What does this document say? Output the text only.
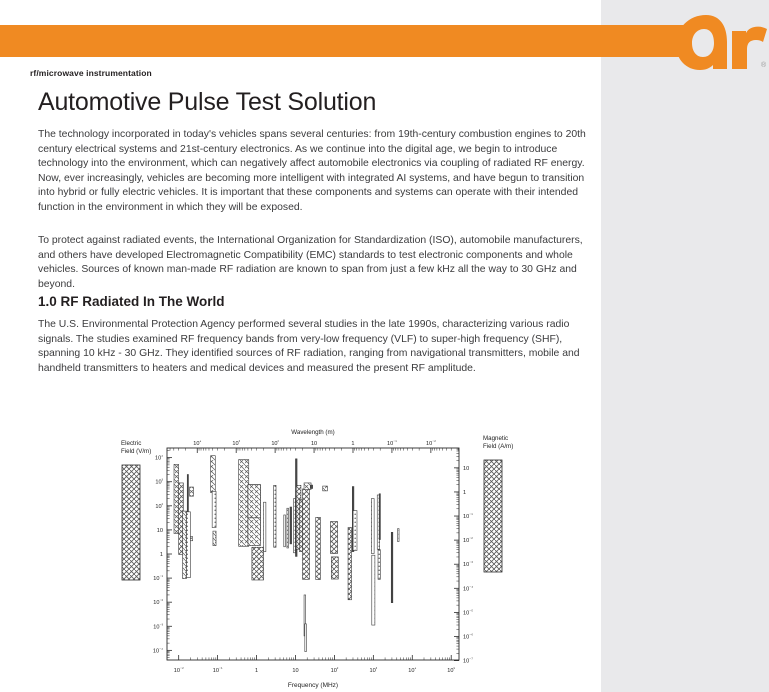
®
rf/microwave instrumentation
Automotive Pulse Test Solution
The technology incorporated in today's vehicles spans several centuries: from 19th-century combustion engines to 20th century electrical systems and 21st-century electronics. As we continue into the digital age, we begin to introduce technology into the environment, which can negatively affect automobile electronics via coupling of radiated RF energy. Now, ever increasingly, vehicles are becoming more intelligent with integrated AI systems, and have begun to transition into hybrid or fully electric vehicles. It is important that these components and systems can operate with their intended function in the environment in which they will be exposed.
To protect against radiated events, the International Organization for Standardization (ISO), automobile manufacturers, and others have developed Electromagnetic Compatibility (EMC) standards to test electronic components and whole vehicles. Sources of known man-made RF radiation are known to span from just a few kHz all the way to 30 GHz and beyond.
1.0 RF Radiated In The World
The U.S. Environmental Protection Agency performed several studies in the late 1990s, characterizing various radio signals. The studies examined RF frequency bands from very-low frequency (VLF) to super-high frequency (SHF), spanning 10 kHz - 30 GHz. They identified sources of RF radiation, ranging from navigational transmitters, mobile and handheld transmitters to heaters and medical devices and measured the present RF amplitude.
$10^{^{-2}}$	$10^{^{-1}}$	1	10	$10^{^2}$	$10^{^3}$	$10^{^4}$	$10^{^5}$
$10^{^4}$	$10^{^3}$	$10^{^2}$	10	1	$10^{^{-1}}$	$10^{^{-2}}$
$10^{^4}$
$10^{^3}$
$10^{^2}$
10
1
$10^{^{-1}}$
$10^{^{-2}}$
$10^{^{-3}}$
$10^{^{-4}}$
10
1
$10^{^{-1}}$
$10^{^{-2}}$
$10^{^{-3}}$
$10^{^{-4}}$
$10^{^{-5}}$
$10^{^{-6}}$
$10^{^{-7}}$
Electric
Field (V/m)
Magnetic
Field (A/m)
Wavelength (m)
Frequency (MHz)
